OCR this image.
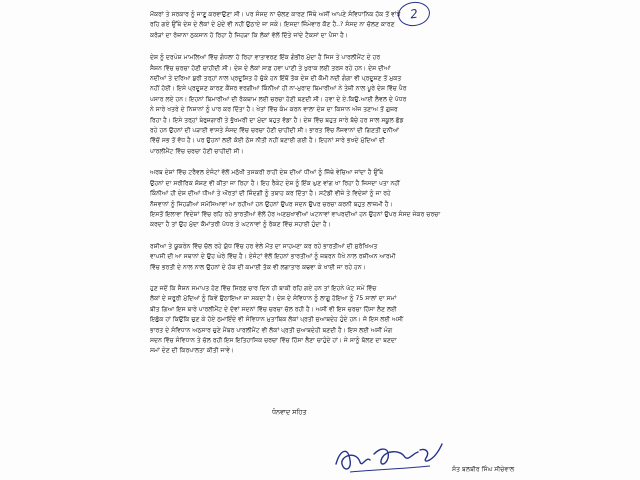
2
ਮੌਕਰਾਂ ਤੇ ਸਰਕਾਰ ਨੂੰ ਜਾਣੂ ਕਰਵਾਉਣਾ ਸੀ। ਪਰ ਸੰਸਦ ਨਾ ਚੱਲਣ ਕਾਰਣ ਜਿੱਥੇ ਅਸੀਂ ਆਪਣੇ ਸੰਵਿਧਾਨਿਕ ਹੱਕ ਤੋਂ ਵਾਂਝੇ
ਰਹਿ ਗਏ ਉੱਥੇ ਦੇਸ਼ ਦੇ ਲੋਕਾਂ ਦੇ ਮੁੱਦੇ ਵੀ ਨਹੀਂ ਉਠਾਏ ਜਾ ਸਕੇ। ਇਸਦਾ ਜਿੰਮੇਵਾਰ ਕੌਣ ਹੈ..? ਸੰਸਦ ਨਾ ਚੱਲਣ ਕਾਰਣ
ਕਰੋੜਾਂ ਦਾ ਰੋਜ਼ਾਨਾ ਨੁਕਸਾਨ ਹੋ ਰਿਹਾ ਹੈ ਜਿਹੜਾ ਕਿ ਲੋਕਾਂ ਵੱਲੋਂ ਦਿੱਤੇ ਜਾਂਦੇ ਟੈਕਸਾਂ ਦਾ ਪੈਸਾ ਹੈ।
ਦੇਸ਼ ਨੂੰ ਦਰਪੇਸ਼ ਮਾਮਲਿਆਂ ਵਿੱਚ ਗੰਧਲਾ ਹੋ ਰਿਹਾ ਵਾਤਾਵਰਣ ਇੱਕ ਗੰਭੀਰ ਮੁੱਦਾ ਹੈ ਜਿਸ ਤੇ ਪਾਰਲੀਮੈਂਟ ਦੇ ਹਰ
ਸੈਸ਼ਨ ਵਿੱਚ ਚਰਚਾ ਹੋਣੀ ਚਾਹੀਦੀ ਸੀ। ਦੇਸ਼ ਦੇ ਲੋਕਾਂ ਸਾਫ਼ ਹਵਾ ਪਾਣੀ ਤੇ ਖੁਰਾਕ ਲਈ ਤਰਸ ਰਹੇ ਹਨ। ਦੇਸ਼ ਦੀਆਂ
ਨਦੀਆਂ ਤੇ ਦਰਿਆ ਬੁਰੀ ਤਰ੍ਹਾਂ ਨਾਲ ਪ੍ਰਦੂਸ਼ਿਤ ਹੋ ਚੁੱਕੇ ਹਨ ਇੱਥੋਂ ਤੱਕ ਦੇਸ਼ ਦੀ ਕੌਮੀ ਨਦੀ ਗੰਗਾ ਵੀ ਪ੍ਰਦੂਸ਼ਣ ਤੋਂ ਮੁਕਤ
ਨਹੀਂ ਹੋਈ। ਇਸੇ ਪ੍ਰਦੂਸ਼ਣ ਕਾਰਣ ਕੈਂਸਰ ਵਰਗੀਆਂ ਕਿੰਨੀਆਂ ਹੀ ਨਾ-ਮੁਰਾਦ ਬਿਮਾਰੀਆਂ ਨੇ ਤੇਜ਼ੀ ਨਾਲ ਪੂਰੇ ਦੇਸ਼ ਵਿੱਚ ਪੈਰ
ਪਸਾਰ ਲਏ ਹਨ। ਇਹਨਾਂ ਬਿਮਾਰੀਆਂ ਦੀ ਰੋਕਥਾਮ ਲਈ ਚਰਚਾ ਹੋਣੀ ਬਣਦੀ ਸੀ। ਹਵਾ ਦੇ ਏ.ਕਿਉ.ਆਈ ਲੈਵਲ ਦੇ ਪੱਧਰ
ਨੇ ਸਾਰੇ ਖਤਰੇ ਦੇ ਨਿਸ਼ਾਨਾਂ ਨੂੰ ਪਾਰ ਕਰ ਦਿੱਤਾ ਹੈ। ਖੇਤਾਂ ਵਿੱਚ ਕੰਮ ਕਰਨ ਵਾਲਾ ਦੇਸ਼ ਦਾ ਕਿਸਾਨ ਅੱਜ ਤਣਾਅ ਤੋਂ ਗੁਜ਼ਰ
ਰਿਹਾ ਹੈ। ਇਸੇ ਤਰ੍ਹਾਂ ਬੇਰੁਜ਼ਗਾਰੀ ਤੇ ਭੁੱਖਮਰੀ ਦਾ ਮੁੱਦਾ ਬਹੁਤ ਵੱਡਾ ਹੈ। ਦੇਸ਼ ਵਿੱਚ ਬਹੁਤ ਸਾਰੇ ਬੱਚੇ ਹਰ ਸਾਲ ਸਕੂਲ ਛੱਡ
ਰਹੇ ਹਨ ਉਹਨਾਂ ਦੀ ਪੜਾਈ ਵਾਸਤੇ ਸੰਸਦ ਵਿੱਚ ਚਰਚਾ ਹੋਣੀ ਚਾਹੀਦੀ ਸੀ। ਭਾਰਤ ਵਿੱਚ ਨੌਜਵਾਨਾਂ ਦੀ ਗਿਣਤੀ ਦੁਨੀਆਂ
ਵਿੱਚੋਂ ਸਭ ਤੋਂ ਵੱਧ ਹੈ। ਪਰ ਉਹਨਾਂ ਲਈ ਕੋਈ ਠੋਸ ਨੀਤੀ ਨਹੀਂ ਬਣਾਈ ਗਈ ਹੈ। ਇਹਨਾਂ ਸਾਰੇ ਭਖਦੇ ਮੁੱਦਿਆਂ ਦੀ
ਪਾਰਲੀਮੈਂਟ ਵਿੱਚ ਚਰਚਾ ਹੋਣੀ ਚਾਹੀਦੀ ਸੀ।
ਅਰਬ ਦੇਸ਼ਾਂ ਵਿੱਚ ਟਰੈਵਲ ਏਜੰਟਾਂ ਵੱਲੋਂ ਮਨੁੱਖੀ ਤਸਕਰੀ ਰਾਹੀ ਦੇਸ਼ ਦੀਆਂ ਧੀਆਂ ਨੂੰ ਜਿੱਥੇ ਵੇਚਿਆ ਜਾਂਦਾ ਹੈ ਉੱਥੇ
ਉਹਨਾਂ ਦਾ ਸਰੀਰਿਕ ਸ਼ੋਸ਼ਣ ਵੀ ਕੀਤਾ ਜਾ ਰਿਹਾ ਹੈ। ਇਹ ਰੈਕੇਟ ਦੇਸ਼ ਨੂੰ ਇੱਕ ਘੁਣ ਵਾਂਗ ਖਾ ਰਿਹਾ ਹੈ ਜਿਸਦਾ ਪਤਾ ਨਹੀਂ
ਕਿੰਨੀਆਂ ਹੀ ਦੇਸ਼ ਦੀਆਂ ਧੀਆਂ ਤੇ ਔਰਤਾਂ ਦੀ ਜ਼ਿੰਦਗੀ ਨੂੰ ਤਬਾਹ ਕਰ ਦਿੱਤਾ ਹੈ। ਸਟੱਡੀ ਵੀਜ਼ੇ ਤੇ ਵਿਦੇਸ਼ਾਂ ਨੂੰ ਜਾ ਰਹੇ
ਨੌਜਵਾਨਾਂ ਨੂੰ ਜਿਹੜੀਆਂ ਸਮੱਸਿਆਵਾਂ ਆ ਰਹੀਆਂ ਹਨ ਉਹਨਾਂ ਉਪਰ ਸਦਨ ਉਪਰ ਚਰਚਾ ਕਰਨੀ ਬਹੁਤ ਲਾਜ਼ਮੀ ਹੈ।
ਇਸਤੋਂ ਇਲਾਵਾ ਵਿਦੇਸ਼ਾਂ ਵਿੱਚ ਰਹਿ ਰਹੇ ਭਾਰਤੀਆਂ ਵੱਲੋਂ ਹੋਰ ਅਣਸੁਖਾਵੀਆਂ ਘਟਨਾਵਾਂ ਵਾਪਰਦੀਆਂ ਹਨ ਉਹਨਾਂ ਉਪਰ ਸੰਸਦ ਜੇਕਰ ਚਰਚਾ
ਕਰਦਾ ਹੈ ਤਾਂ ਉਹ ਮੁੱਦਾ ਕੌਮਾਂਤਰੀ ਪੱਧਰ ਤੇ ਘਟਨਾਵਾਂ ਨੂੰ ਰੋਕਣ ਵਿੱਚ ਸਹਾਈ ਹੁੰਦਾ ਹੈ।
ਰਸ਼ੀਆ ਤੇ ਯੂਕਰੇਨ ਵਿੱਚ ਚੱਲ ਰਹੇ ਯੁੱਧ ਵਿੱਚ ਹਰ ਵੇਲੇ ਮੌਤ ਦਾ ਸਾਹਮਣਾ ਕਰ ਰਹੇ ਭਾਰਤੀਆਂ ਦੀ ਸੁਰੱਖਿਅਤ
ਵਾਪਸੀ ਦੀ ਆ ਸਥਾਨਾਂ ਦੇ ਉਹ ਘੇਰੇ ਵਿੱਚ ਹੈ। ਏਜੰਟਾਂ ਵੱਲੋਂ ਇਹਨਾਂ ਭਾਰਤੀਆਂ ਨੂੰ ਜ਼ਬਰਨ ਧੋਖੇ ਨਾਲ ਰਸ਼ੀਅਨ ਆਰਮੀ
ਵਿੱਚ ਭਰਤੀ ਦੇ ਨਾਲ ਨਾਲ ਉਹਨਾਂ ਦੇ ਹੱਕ ਦੀ ਕਮਾਈ ਤੱਕ ਵੀ ਲਗਾਤਾਰ ਕਢਵਾ ਕੇ ਖਾਈ ਜਾ ਰਹੇ ਹਨ।
ਹੁਣ ਜਦੋਂ ਕਿ ਸੈਸ਼ਨ ਸਮਾਪਤ ਹੋਣ ਵਿੱਚ ਸਿਰਫ਼ ਚਾਰ ਦਿਨ ਹੀ ਬਾਕੀ ਰਹਿ ਗਏ ਹਨ ਤਾਂ ਇਹਨੇ ਘੱਟ ਸਮੇਂ ਵਿੱਚ
ਲੋਕਾਂ ਦੇ ਜ਼ਰੂਰੀ ਮੁੱਦਿਆਂ ਨੂੰ ਕਿਵੇਂ ਉਠਾਇਆ ਜਾ ਸਕਦਾ ਹੈ। ਦੇਸ਼ ਦੇ ਸੰਵਿਧਾਨ ਨੂੰ ਲਾਗੂ ਹੋਇਆ ਨੂੰ 75 ਸਾਲਾਂ ਦਾ ਸਮਾਂ
ਬੀਤ ਗਿਆ ਇਸ ਬਾਰੇ ਪਾਰਲੀਮੈਂਟ ਦੇ ਦੋਵਾਂ ਸਦਨਾਂ ਵਿੱਚ ਚਰਚਾ ਚੱਲ ਰਹੀ ਹੈ। ਅਸੀਂ ਵੀ ਇਸ ਚਰਚਾ ਹਿੱਸਾ ਲੈਣ ਲਈ
ਇਛੁੱਕ ਹਾਂ ਕਿਉਂਕਿ ਚੁਣ ਕੇ ਹੋਏ ਨੁਮਾਇੰਦੇ ਵੀ ਸੰਵਿਧਾਨ ਮੁਤਾਬਿਕ ਲੋਕਾਂ ਪ੍ਰਤੀ ਜੁਆਬਦੇਹ ਹੁੰਦੇ ਹਨ। ਜੋ ਇਸ ਲਈ ਅਸੀਂ
ਭਾਰਤ ਦੇ ਸੰਵਿਧਾਨ ਅਨੁਸਾਰ ਚੁਣੇ ਮੈਂਬਰ ਪਾਰਲੀਮੈਂਟ ਵੀ ਲੋਕਾਂ ਪ੍ਰਤੀ ਜੁਆਬਦੇਹੀ ਬਣਦੀ ਹੈ। ਇਸ ਲਈ ਅਸੀਂ ਮੰਗ
ਸਦਨ ਵਿੱਚ ਸੰਵਿਧਾਨ ਤੇ ਚੱਲ ਰਹੀ ਇਸ ਇਤਿਹਾਸਿਕ ਚਰਚਾ ਵਿੱਚ ਹਿੱਸਾ ਲੈਣਾ ਚਾਹੁੰਦੇ ਹਾਂ। ਜੇ ਸਾਨੂੰ ਬੋਲਣ ਦਾ ਬਣਦਾ
ਸਮਾਂ ਦੇਣ ਦੀ ਕਿਰਪਾਲਤਾ ਕੀਤੀ ਜਾਵੇ।
ਧੰਨਵਾਦ ਸਹਿਤ
ਸੰਤ ਬਲਬੀਰ ਸਿੰਘ ਸੀਚੇਵਾਲ
